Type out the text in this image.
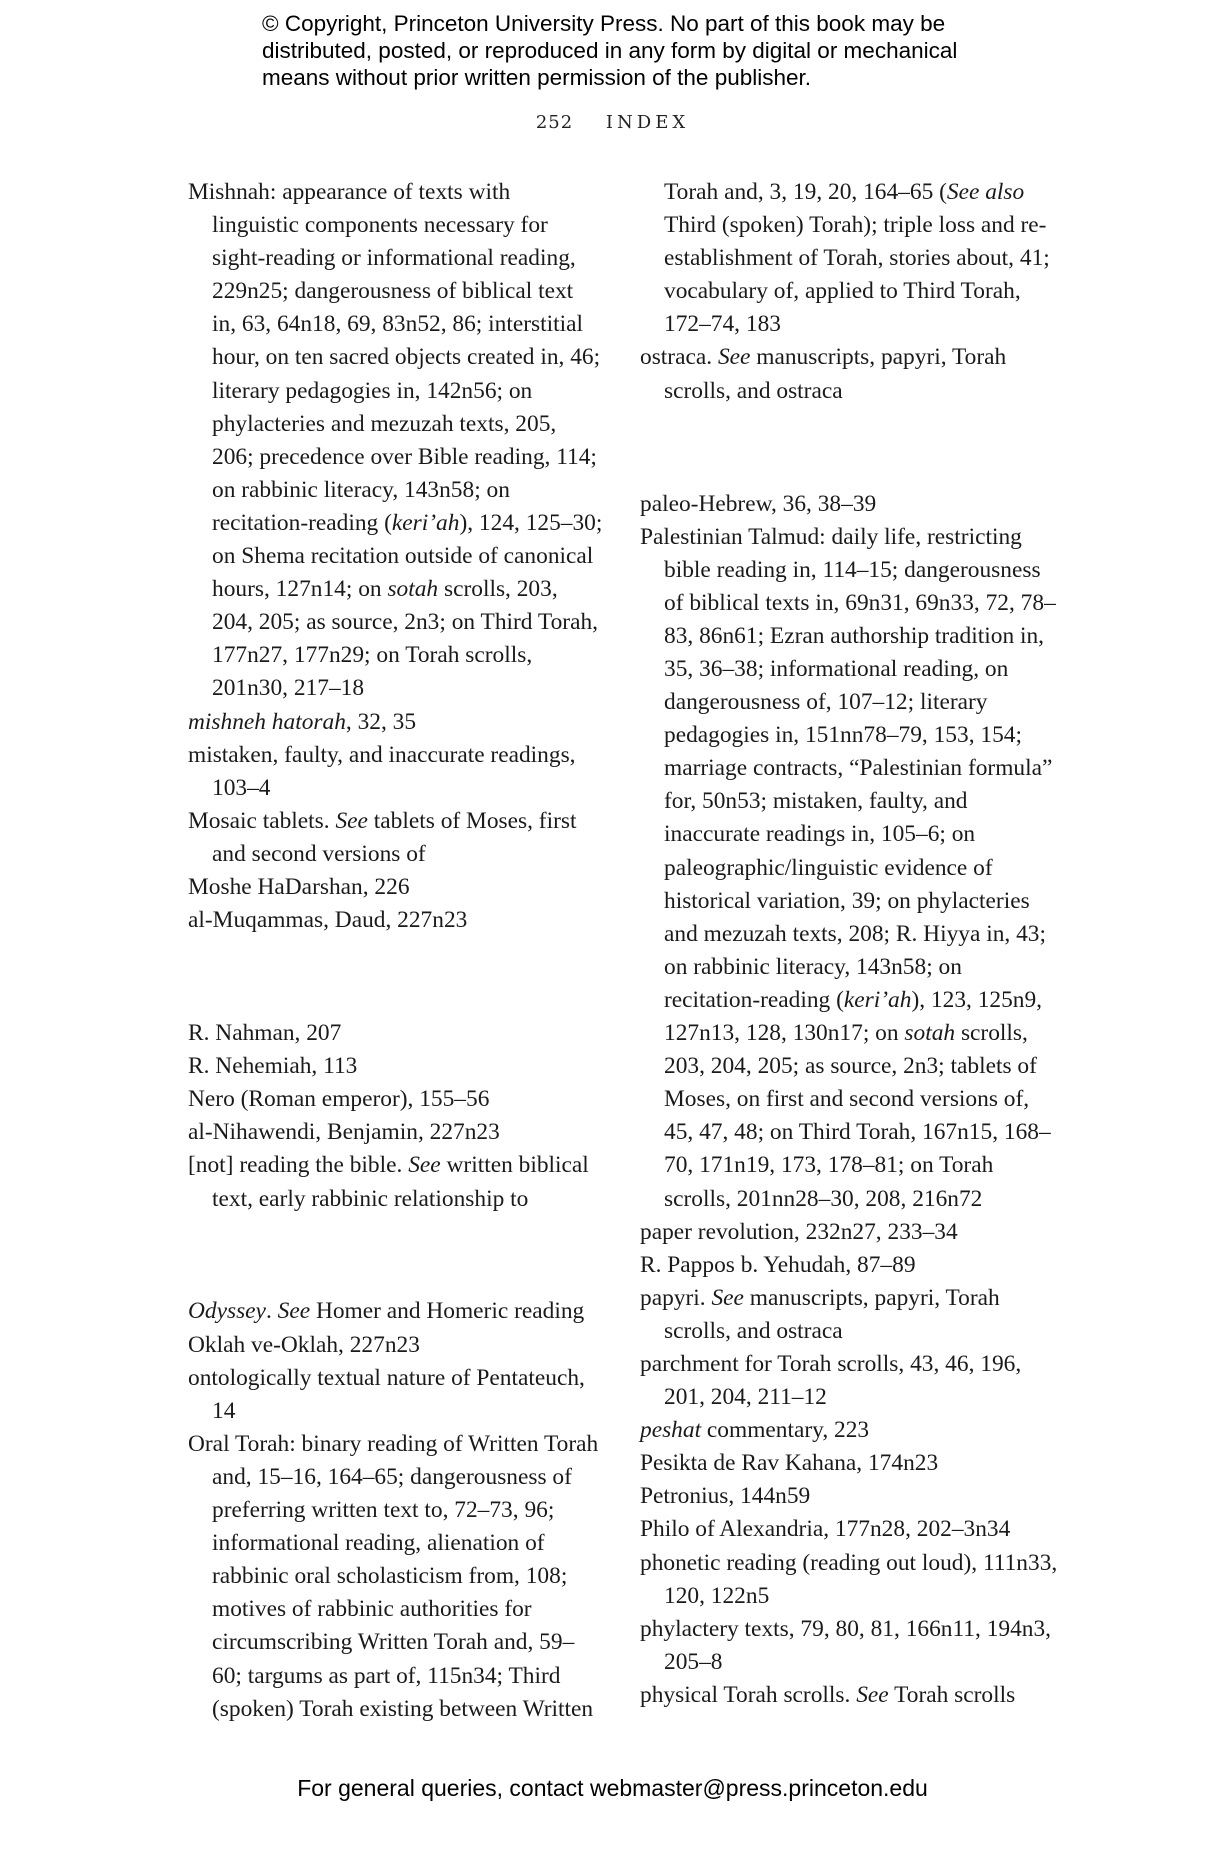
© Copyright, Princeton University Press. No part of this book may be
distributed, posted, or reproduced in any form by digital or mechanical
means without prior written permission of the publisher.
252 INDEX

Mishnah: appearance of texts with linguistic components necessary for sight-reading or informational reading, 229n25; dangerousness of biblical text in, 63, 64n18, 69, 83n52, 86; interstitial hour, on ten sacred objects created in, 46; literary pedagogies in, 142n56; on phylacteries and mezuzah texts, 205, 206; precedence over Bible reading, 114; on rabbinic literacy, 143n58; on recitation-reading (keri’ah), 124, 125–30; on Shema recitation outside of canonical hours, 127n14; on sotah scrolls, 203, 204, 205; as source, 2n3; on Third Torah, 177n27, 177n29; on Torah scrolls, 201n30, 217–18

mishneh hatorah, 32, 35

mistaken, faulty, and inaccurate readings, 103–4

Mosaic tablets. See tablets of Moses, first and second versions of

Moshe HaDarshan, 226

al-Muqammas, Daud, 227n23

R. Nahman, 207

R. Nehemiah, 113

Nero (Roman emperor), 155–56

al-Nihawendi, Benjamin, 227n23

[not] reading the bible. See written biblical text, early rabbinic relationship to

Odyssey. See Homer and Homeric reading

Oklah ve-Oklah, 227n23

ontologically textual nature of Pentateuch, 14

Oral Torah: binary reading of Written Torah and, 15–16, 164–65; dangerousness of preferring written text to, 72–73, 96; informational reading, alienation of rabbinic oral scholasticism from, 108; motives of rabbinic authorities for circumscribing Written Torah and, 59–60; targums as part of, 115n34; Third (spoken) Torah existing between Written

Torah and, 3, 19, 20, 164–65 (See also Third (spoken) Torah); triple loss and re-establishment of Torah, stories about, 41; vocabulary of, applied to Third Torah, 172–74, 183

ostraca. See manuscripts, papyri, Torah scrolls, and ostraca

paleo-Hebrew, 36, 38–39

Palestinian Talmud: daily life, restricting bible reading in, 114–15; dangerousness of biblical texts in, 69n31, 69n33, 72, 78–83, 86n61; Ezran authorship tradition in, 35, 36–38; informational reading, on dangerousness of, 107–12; literary pedagogies in, 151nn78–79, 153, 154; marriage contracts, “Palestinian formula” for, 50n53; mistaken, faulty, and inaccurate readings in, 105–6; on paleographic/linguistic evidence of historical variation, 39; on phylacteries and mezuzah texts, 208; R. Hiyya in, 43; on rabbinic literacy, 143n58; on recitation-reading (keri’ah), 123, 125n9, 127n13, 128, 130n17; on sotah scrolls, 203, 204, 205; as source, 2n3; tablets of Moses, on first and second versions of, 45, 47, 48; on Third Torah, 167n15, 168–70, 171n19, 173, 178–81; on Torah scrolls, 201nn28–30, 208, 216n72

paper revolution, 232n27, 233–34

R. Pappos b. Yehudah, 87–89

papyri. See manuscripts, papyri, Torah scrolls, and ostraca

parchment for Torah scrolls, 43, 46, 196, 201, 204, 211–12

peshat commentary, 223

Pesikta de Rav Kahana, 174n23

Petronius, 144n59

Philo of Alexandria, 177n28, 202–3n34

phonetic reading (reading out loud), 111n33, 120, 122n5

phylactery texts, 79, 80, 81, 166n11, 194n3, 205–8

physical Torah scrolls. See Torah scrolls

For general queries, contact webmaster@press.princeton.edu
